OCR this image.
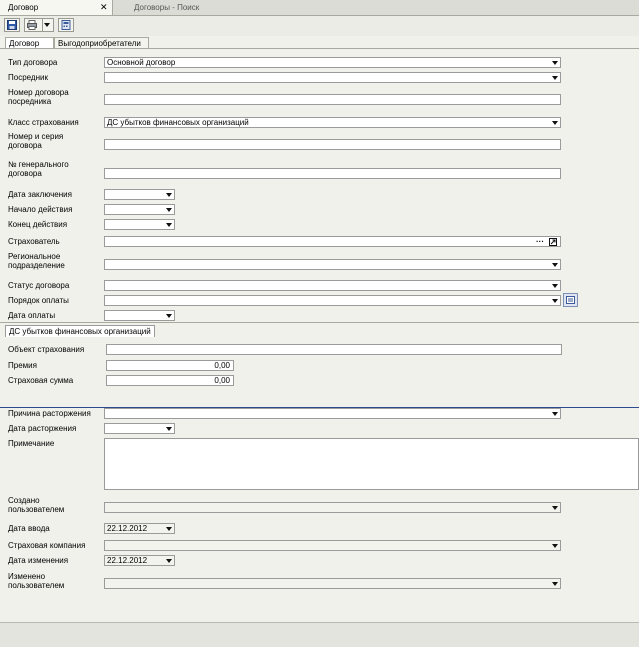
Договор	✕	Договоры - Поиск
Договор	Выгодоприобретатели
Тип договора	Основной договор
Посредник
Номер договора посредника
Класс страхования	ДС убытков финансовых организаций
Номер и серия договора
№ генерального договора
Дата заключения
Начало действия
Конец действия
Страхователь	···
Региональное подразделение
Статус договора
Порядок оплаты
Дата оплаты
ДС убытков финансовых организаций
Объект страхования
Премия	0,00
Страховая сумма	0,00
Причина расторжения
Дата расторжения
Примечание
Создано пользователем
Дата ввода	22.12.2012
Страховая компания
Дата изменения	22.12.2012
Изменено пользователем
